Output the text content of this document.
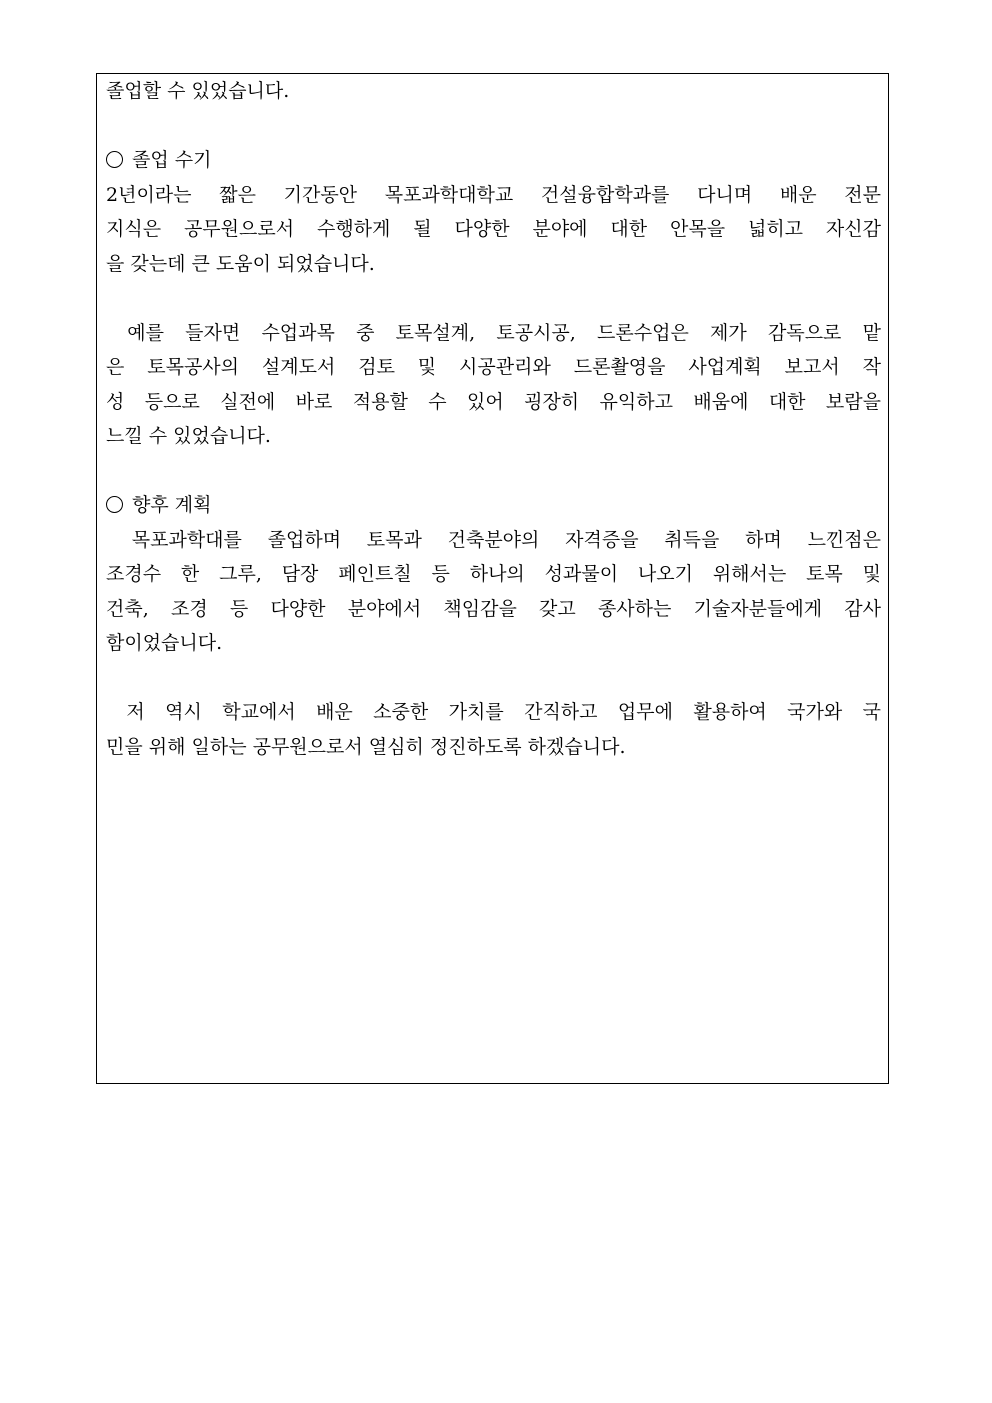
졸업할 수 있었습니다.
졸업 수기
2년이라는 짧은 기간동안 목포과학대학교 건설융합학과를 다니며 배운 전문
지식은 공무원으로서 수행하게 될 다양한 분야에 대한 안목을 넓히고 자신감
을 갖는데 큰 도움이 되었습니다.
예를 들자면 수업과목 중 토목설계, 토공시공, 드론수업은 제가 감독으로 맡
은 토목공사의 설계도서 검토 및 시공관리와 드론촬영을 사업계획 보고서 작
성 등으로 실전에 바로 적용할 수 있어 굉장히 유익하고 배움에 대한 보람을
느낄 수 있었습니다.
향후 계획
목포과학대를 졸업하며 토목과 건축분야의 자격증을 취득을 하며 느낀점은
조경수 한 그루, 담장 페인트칠 등 하나의 성과물이 나오기 위해서는 토목 및
건축, 조경 등 다양한 분야에서 책임감을 갖고 종사하는 기술자분들에게 감사
함이었습니다.
저 역시 학교에서 배운 소중한 가치를 간직하고 업무에 활용하여 국가와 국
민을 위해 일하는 공무원으로서 열심히 정진하도록 하겠습니다.
